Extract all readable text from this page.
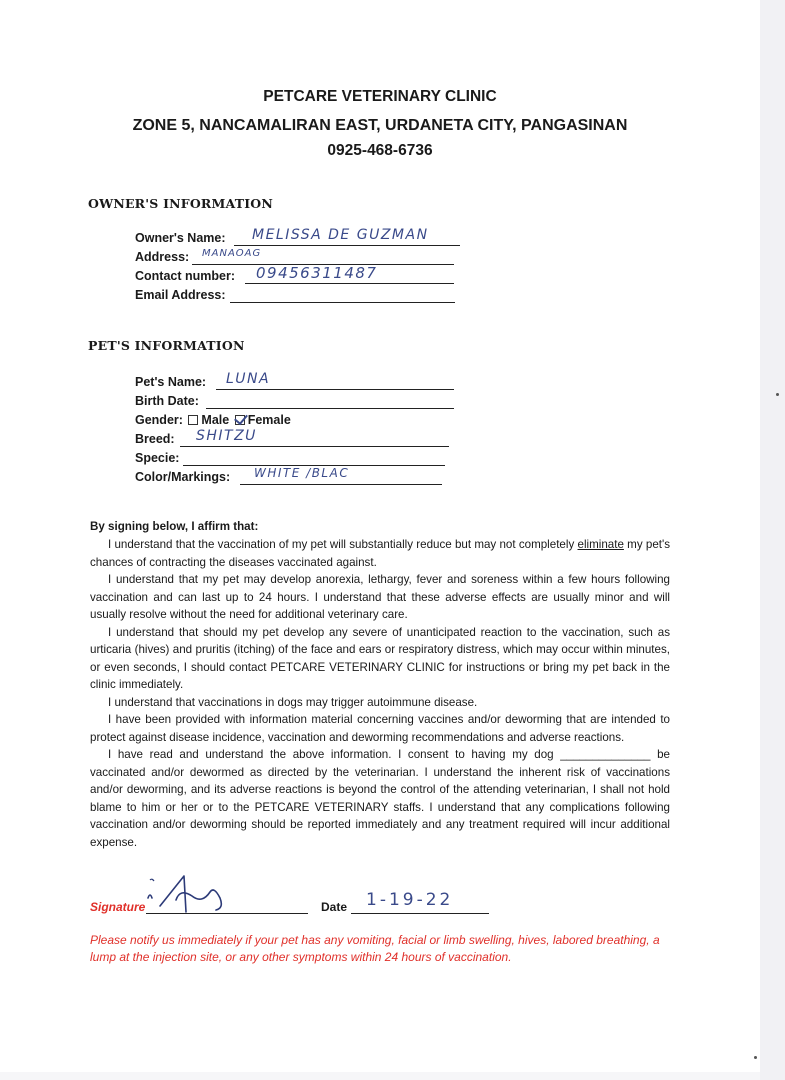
PETCARE VETERINARY CLINIC
ZONE 5, NANCAMALIRAN EAST, URDANETA CITY, PANGASINAN
0925-468-6736
OWNER'S INFORMATION
Owner's Name: MELISSA DE GUZMAN
Address: MANAOAG
Contact number: 09456311487
Email Address:
PET'S INFORMATION
Pet's Name: LUNA
Birth Date:
Gender: Male Female
Breed: SHITZU
Specie:
Color/Markings: WHITE /BLAC
By signing below, I affirm that:

I understand that the vaccination of my pet will substantially reduce but may not completely eliminate my pet's chances of contracting the diseases vaccinated against.

I understand that my pet may develop anorexia, lethargy, fever and soreness within a few hours following vaccination and can last up to 24 hours. I understand that these adverse effects are usually minor and will usually resolve without the need for additional veterinary care.

I understand that should my pet develop any severe of unanticipated reaction to the vaccination, such as urticaria (hives) and pruritis (itching) of the face and ears or respiratory distress, which may occur within minutes, or even seconds, I should contact PETCARE VETERINARY CLINIC for instructions or bring my pet back in the clinic immediately.

I understand that vaccinations in dogs may trigger autoimmune disease.

I have been provided with information material concerning vaccines and/or deworming that are intended to protect against disease incidence, vaccination and deworming recommendations and adverse reactions.

I have read and understand the above information. I consent to having my dog ______________ be vaccinated and/or dewormed as directed by the veterinarian. I understand the inherent risk of vaccinations and/or deworming, and its adverse reactions is beyond the control of the attending veterinarian, I shall not hold blame to him or her or to the PETCARE VETERINARY staffs. I understand that any complications following vaccination and/or deworming should be reported immediately and any treatment required will incur additional expense.

Signature	Date 1-19-22
Please notify us immediately if your pet has any vomiting, facial or limb swelling, hives, labored breathing, a lump at the injection site, or any other symptoms within 24 hours of vaccination.
